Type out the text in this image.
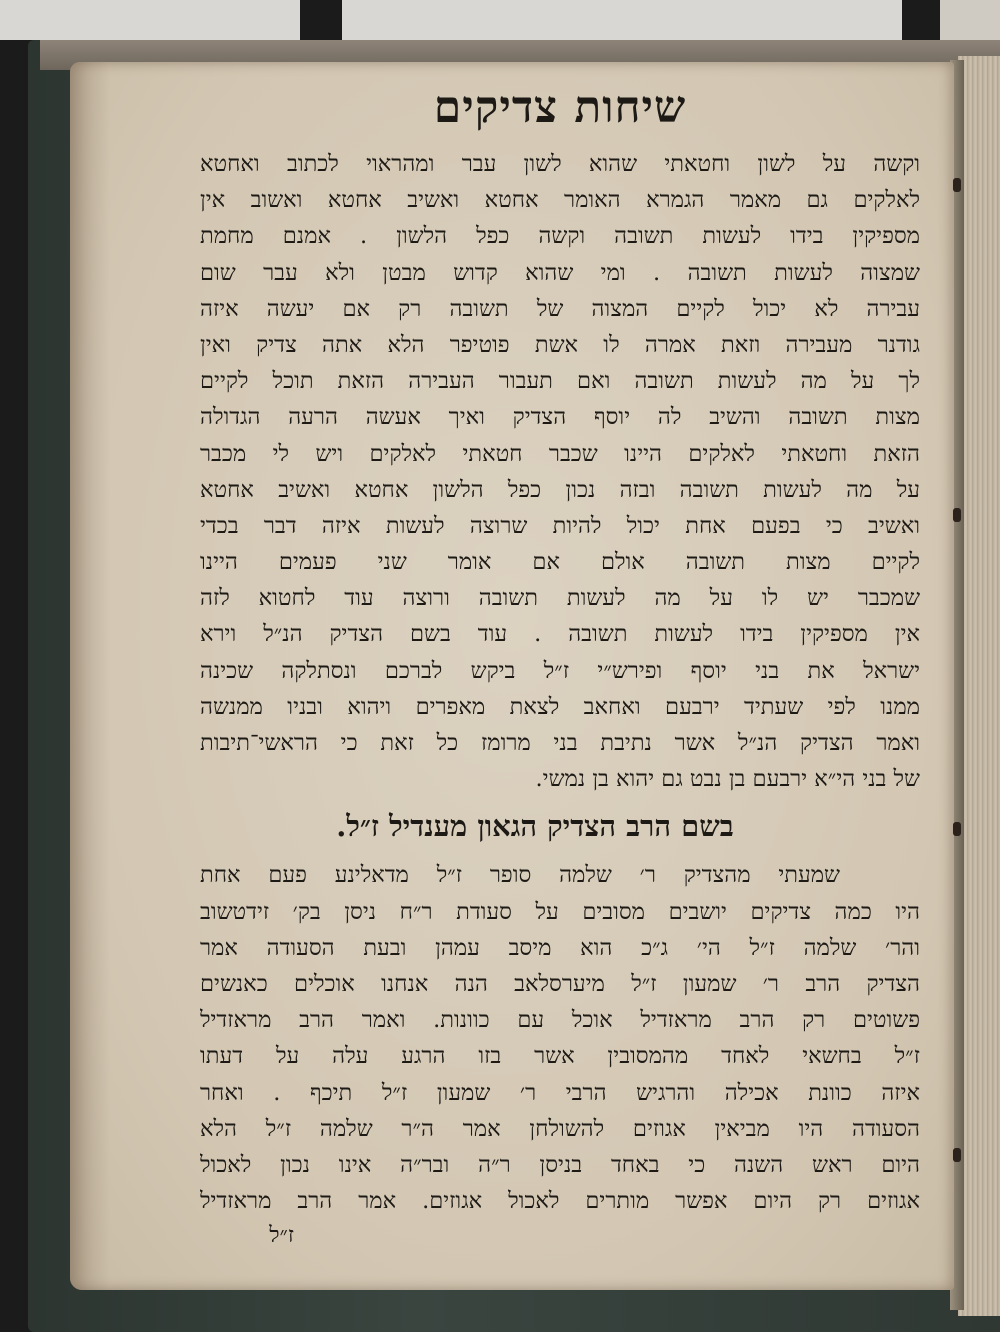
שיחות צדיקים
וקשה על לשון וחטאתי שהוא לשון עבר ומהראוי לכתוב ואחטא
לאלקים גם מאמר הגמרא האומר אחטא ואשיב אחטא ואשוב אין
מספיקין בידו לעשות תשובה וקשה כפל הלשון . אמנם מחמת
שמצוה לעשות תשובה . ומי שהוא קדוש מבטן ולא עבר שום
עבירה לא יכול לקיים המצוה של תשובה רק אם יעשה איזה
גודנר מעבירה וזאת אמרה לו אשת פוטיפר הלא אתה צדיק ואין
לך על מה לעשות תשובה ואם תעבור העבירה הזאת תוכל לקיים
מצות תשובה והשיב לה יוסף הצדיק ואיך אעשה הרעה הגדולה
הזאת וחטאתי לאלקים היינו שכבר חטאתי לאלקים ויש לי מכבר
על מה לעשות תשובה ובזה נכון כפל הלשון אחטא ואשיב אחטא
ואשיב כי בפעם אחת יכול להיות שרוצה לעשות איזה דבר בכדי
לקיים מצות תשובה אולם אם אומר שני פעמים היינו
שמכבר יש לו על מה לעשות תשובה ורוצה עוד לחטוא לזה
אין מספיקין בידו לעשות תשובה . עוד בשם הצדיק הנ״ל וירא
ישראל את בני יוסף ופירש״י ז״ל ביקש לברכם ונסתלקה שכינה
ממנו לפי שעתיד ירבעם ואחאב לצאת מאפרים ויהוא ובניו ממנשה
ואמר הצדיק הנ״ל אשר נתיבת בני מרומז כל זאת כי הראשי־תיבות
של בני הי״א ירבעם בן נבט גם יהוא בן נמשי.
בשם הרב הצדיק הגאון מענדיל ז״ל.
שמעתי מהצדיק ר׳ שלמה סופר ז״ל מדאלינע פעם אחת
היו כמה צדיקים יושבים מסובים על סעודת ר״ח ניסן בק׳ זידטשוב
והר׳ שלמה ז״ל הי׳ ג״כ הוא מיסב עמהן ובעת הסעודה אמר
הצדיק הרב ר׳ שמעון ז״ל מיערסלאב הנה אנחנו אוכלים כאנשים
פשוטים רק הרב מראזדיל אוכל עם כוונות. ואמר הרב מראזדיל
ז״ל בחשאי לאחד מהמסובין אשר בזו הרגע עלה על דעתו
איזה כוונת אכילה והרגיש הרבי ר׳ שמעון ז״ל תיכף . ואחר
הסעודה היו מביאין אגוזים להשולחן אמר ה״ר שלמה ז״ל הלא
היום ראש השנה כי באחד בניסן ר״ה ובר״ה אינו נכון לאכול
אגוזים רק היום אפשר מותרים לאכול אגוזים. אמר הרב מראזדיל
ז״ל
